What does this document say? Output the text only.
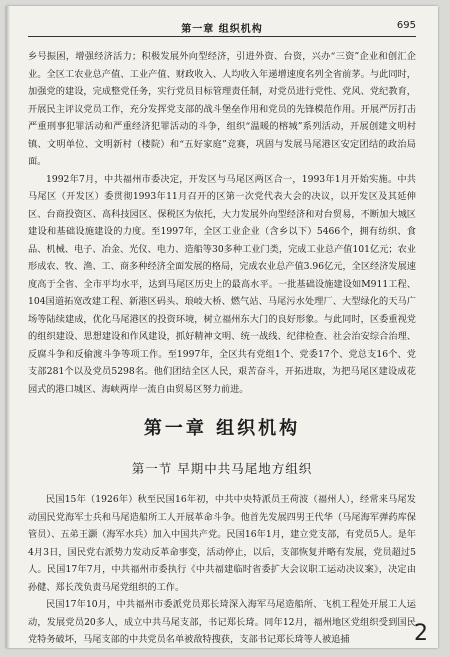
第一章 组织机构	695

乡号振困，增强经济活力；积极发展外向型经济，引进外资、台资，兴办“三资”企业和创汇企业。全区工农业总产值、工业产值、财政收入、人均收入年递增速度名列全省前茅。与此同时，加强党的建设，完成整党任务，实行党员目标管理责任制，对党员进行党性、党风、党纪教育，开展民主评议党员工作，充分发挥党支部的战斗堡垒作用和党员的先锋模范作用。开展严厉打击严重刑事犯罪活动和严重经济犯罪活动的斗争，组织“温暖的榕城”系列活动，开展创建文明村镇、文明单位、文明新村（楼院）和“五好家庭”竞赛，巩固与发展马尾港区安定团结的政治局面。

1992年7月，中共福州市委决定，开发区与马尾区两区合一，1993年1月开始实施。中共马尾区（开发区）委贯彻1993年11月召开的区第一次党代表大会的决议，以开发区及其延伸区、台商投资区、高科技园区、保税区为依托，大力发展外向型经济和对台贸易，不断加大城区建设和基础设施建设的力度。至1997年，全区工业企业（含乡以下）5466个，拥有纺织、食品、机械、电子、冶金、光仪、电力、造船等30多种工业门类，完成工业总产值101亿元；农业形成农、牧、渔、工、商多种经济全面发展的格局，完成农业总产值3.96亿元，全区经济发展速度高于全省、全市平均水平，达到马尾区历史上的最高水平。一批基础设施建设如M911工程、104国道拓宽改建工程、新港区码头、琅岐大桥、燃气站、马尾污水处理厂、大型绿化的天马广场等陆续建成，优化马尾港区的投资环境，树立福州东大门的良好形象。与此同时，区委重视党的组织建设、思想建设和作风建设，抓好精神文明、统一战线、纪律检查、社会治安综合治理、反腐斗争和反偷渡斗争等项工作。至1997年，全区共有党组1个、党委17个、党总支16个、党支部281个以及党员5298名。他们团结全区人民，艰苦奋斗，开拓进取，为把马尾区建设成花园式的港口城区、海峡两岸一流自由贸易区努力前进。

第一章 组织机构
第一节 早期中共马尾地方组织

民国15年（1926年）秋至民国16年初，中共中央特派员王荷波（福州人），经常来马尾发动国民党海军士兵和马尾造船所工人开展革命斗争。他首先发展四男王代华（马尾海军弹药库保管员）、五弟王灏（海军水兵）加入中国共产党。民国16年1月，建立党支部，有党员5人。是年4月3日，国民党右派势力发动反革命事变，活动停止，以后，支部恢复并略有发展，党员超过5人。民国17年7月，中共福州市委执行《中共福建临时省委扩大会议职工运动决议案》，决定由孙健、郑长茂负责马尾党组织的工作。

民国17年10月，中共福州市委派党员郑长琦深入海军马尾造船所、飞机工程处开展工人运动，发展党员20多人，成立中共马尾支部，书记郑长琦。同年12月，福州地区党组织受到国民党特务破坏，马尾支部的中共党员名单被敌特搜获，支部书记郑长琦等人被追捕	2
